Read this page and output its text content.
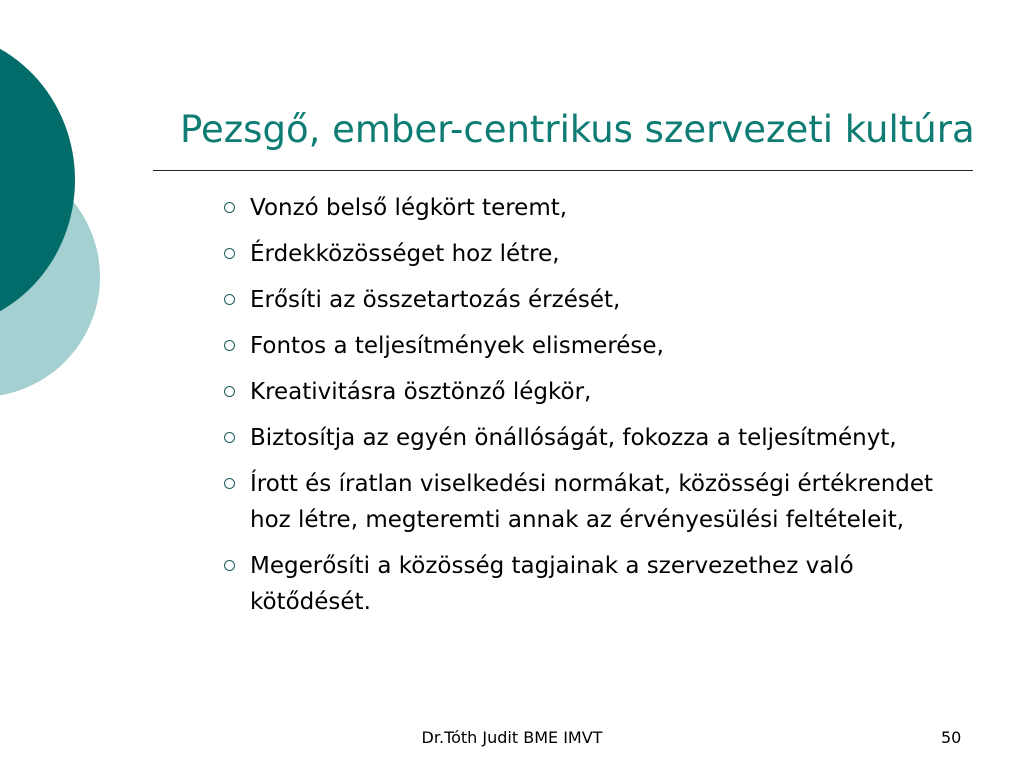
Pezsgő, ember-centrikus szervezeti kultúra
Vonzó belső légkört teremt,
Érdekközösséget hoz létre,
Erősíti az összetartozás érzését,
Fontos a teljesítmények elismerése,
Kreativitásra ösztönző légkör,
Biztosítja az egyén önállóságát, fokozza a teljesítményt,
Írott és íratlan viselkedési normákat, közösségi értékrendet hoz létre, megteremti annak az érvényesülési feltételeit,
Megerősíti a közösség tagjainak a szervezethez való kötődését.
Dr.Tóth Judit BME IMVT	50
